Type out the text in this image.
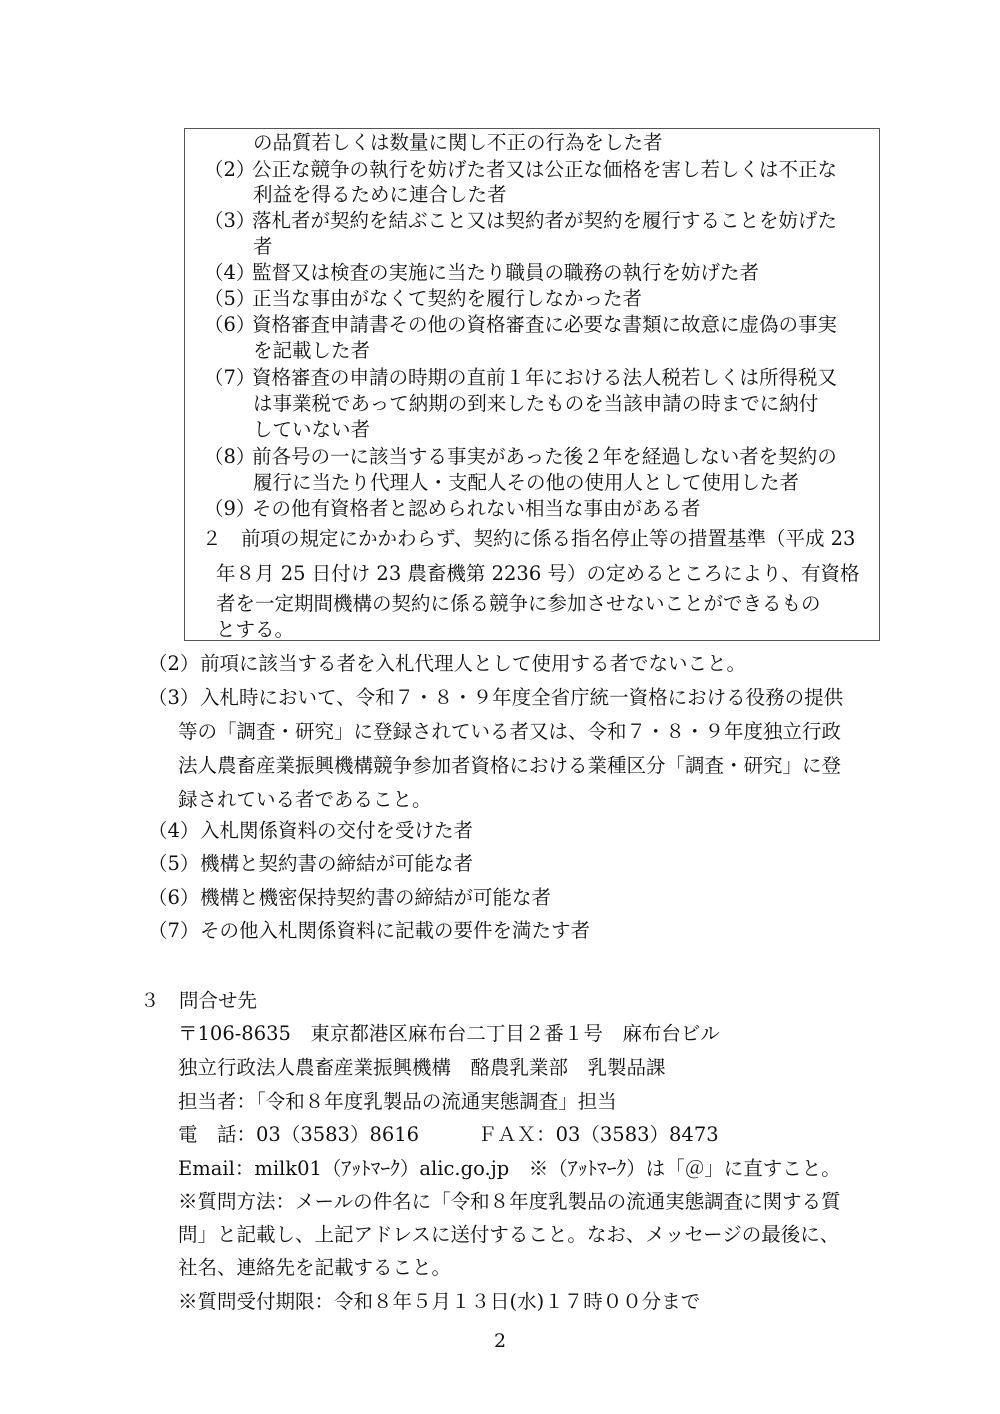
の品質若しくは数量に関し不正の行為をした者
（2）公正な競争の執行を妨げた者又は公正な価格を害し若しくは不正な
利益を得るために連合した者
（3）落札者が契約を結ぶこと又は契約者が契約を履行することを妨げた
者
（4）監督又は検査の実施に当たり職員の職務の執行を妨げた者
（5）正当な事由がなくて契約を履行しなかった者
（6）資格審査申請書その他の資格審査に必要な書類に故意に虚偽の事実
を記載した者
（7）資格審査の申請の時期の直前１年における法人税若しくは所得税又
は事業税であって納期の到来したものを当該申請の時までに納付
していない者
（8）前各号の一に該当する事実があった後２年を経過しない者を契約の
履行に当たり代理人・支配人その他の使用人として使用した者
（9）その他有資格者と認められない相当な事由がある者
２　前項の規定にかかわらず、契約に係る指名停止等の措置基準（平成 23
年８月 25 日付け 23 農畜機第 2236 号）の定めるところにより、有資格
者を一定期間機構の契約に係る競争に参加させないことができるもの
とする。
（2）前項に該当する者を入札代理人として使用する者でないこと。
（3）入札時において、令和７・８・９年度全省庁統一資格における役務の提供
等の「調査・研究」に登録されている者又は、令和７・８・９年度独立行政
法人農畜産業振興機構競争参加者資格における業種区分「調査・研究」に登
録されている者であること。
（4）入札関係資料の交付を受けた者
（5）機構と契約書の締結が可能な者
（6）機構と機密保持契約書の締結が可能な者
（7）その他入札関係資料に記載の要件を満たす者
３　問合せ先
〒106-8635　東京都港区麻布台二丁目２番１号　麻布台ビル
独立行政法人農畜産業振興機構　酪農乳業部　乳製品課
担当者：「令和８年度乳製品の流通実態調査」担当
電　話：03（3583）8616　　　ＦＡＸ：03（3583）8473
Email：milk01（ｱｯﾄﾏｰｸ）alic.go.jp　※（ｱｯﾄﾏｰｸ）は「＠」に直すこと。
※質問方法：メールの件名に「令和８年度乳製品の流通実態調査に関する質
問」と記載し、上記アドレスに送付すること。なお、メッセージの最後に、
社名、連絡先を記載すること。
※質問受付期限：令和８年５月１３日(水)１７時００分まで
2
